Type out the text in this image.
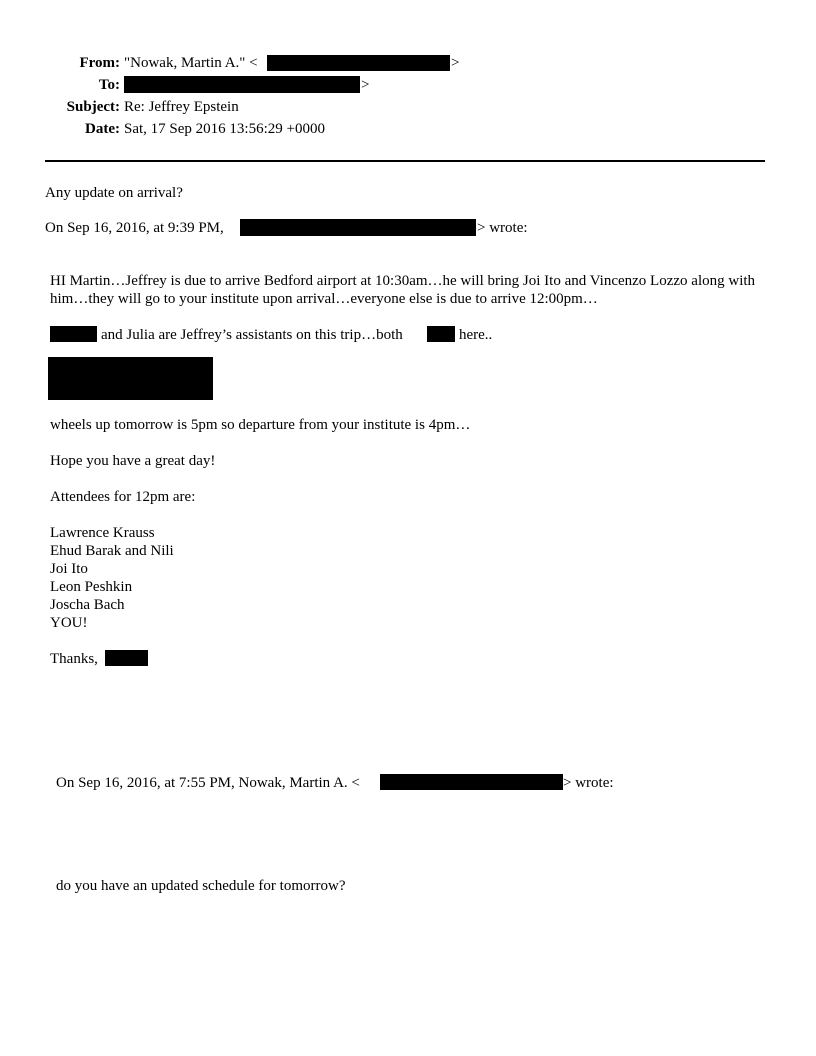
From: "Nowak, Martin A." <	>
To:	>
Subject: Re: Jeffrey Epstein
Date: Sat, 17 Sep 2016 13:56:29 +0000
Any update on arrival?
On Sep 16, 2016, at 9:39 PM,	> wrote:
HI Martin…Jeffrey is due to arrive Bedford airport at 10:30am…he will bring Joi Ito and Vincenzo Lozzo along with him…they will go to your institute upon arrival…everyone else is due to arrive 12:00pm…
and Julia are Jeffrey’s assistants on this trip…both	here..
wheels up tomorrow is 5pm so departure from your institute is 4pm…
Hope you have a great day!
Attendees for 12pm are:
Lawrence Krauss
Ehud Barak and Nili
Joi Ito
Leon Peshkin
Joscha Bach
YOU!
Thanks,
On Sep 16, 2016, at 7:55 PM, Nowak, Martin A. <	> wrote:
do you have an updated schedule for tomorrow?
